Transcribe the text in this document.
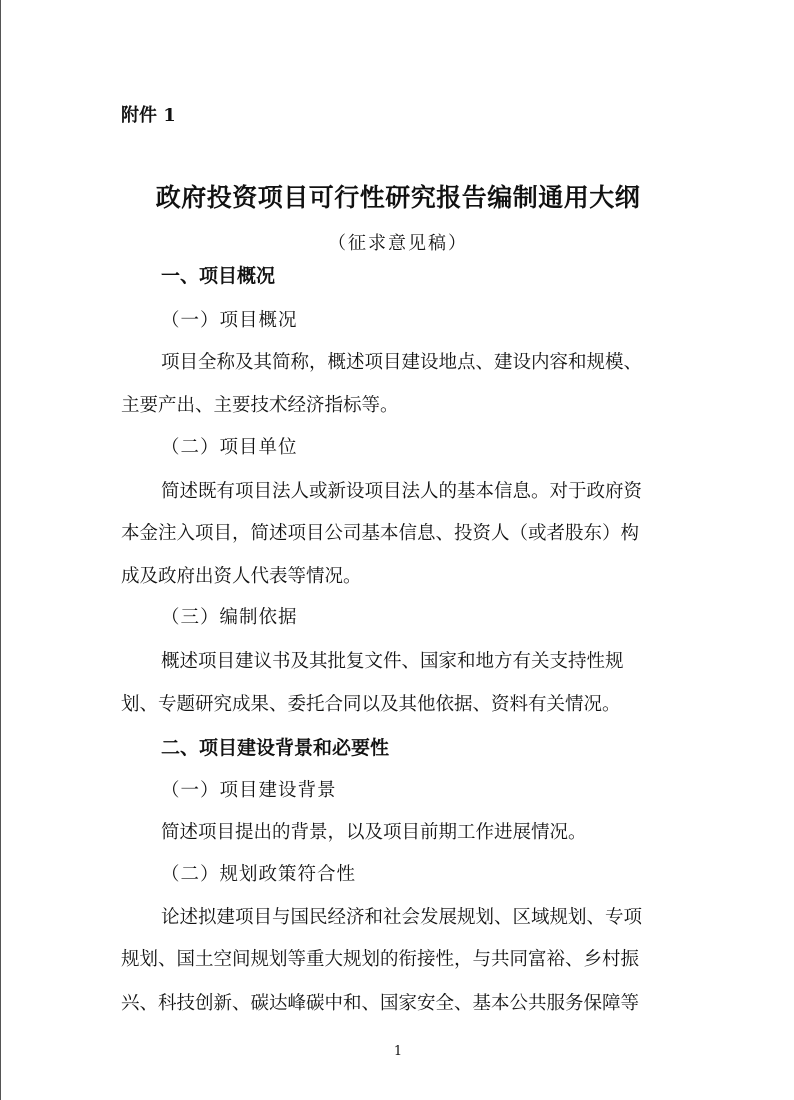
附件 1
政府投资项目可行性研究报告编制通用大纲
（征求意见稿）
一、项目概况
（一）项目概况
项目全称及其简称，概述项目建设地点、建设内容和规模、
主要产出、主要技术经济指标等。
（二）项目单位
简述既有项目法人或新设项目法人的基本信息。对于政府资
本金注入项目，简述项目公司基本信息、投资人（或者股东）构
成及政府出资人代表等情况。
（三）编制依据
概述项目建议书及其批复文件、国家和地方有关支持性规
划、专题研究成果、委托合同以及其他依据、资料有关情况。
二、项目建设背景和必要性
（一）项目建设背景
简述项目提出的背景，以及项目前期工作进展情况。
（二）规划政策符合性
论述拟建项目与国民经济和社会发展规划、区域规划、专项
规划、国土空间规划等重大规划的衔接性，与共同富裕、乡村振
兴、科技创新、碳达峰碳中和、国家安全、基本公共服务保障等
1
